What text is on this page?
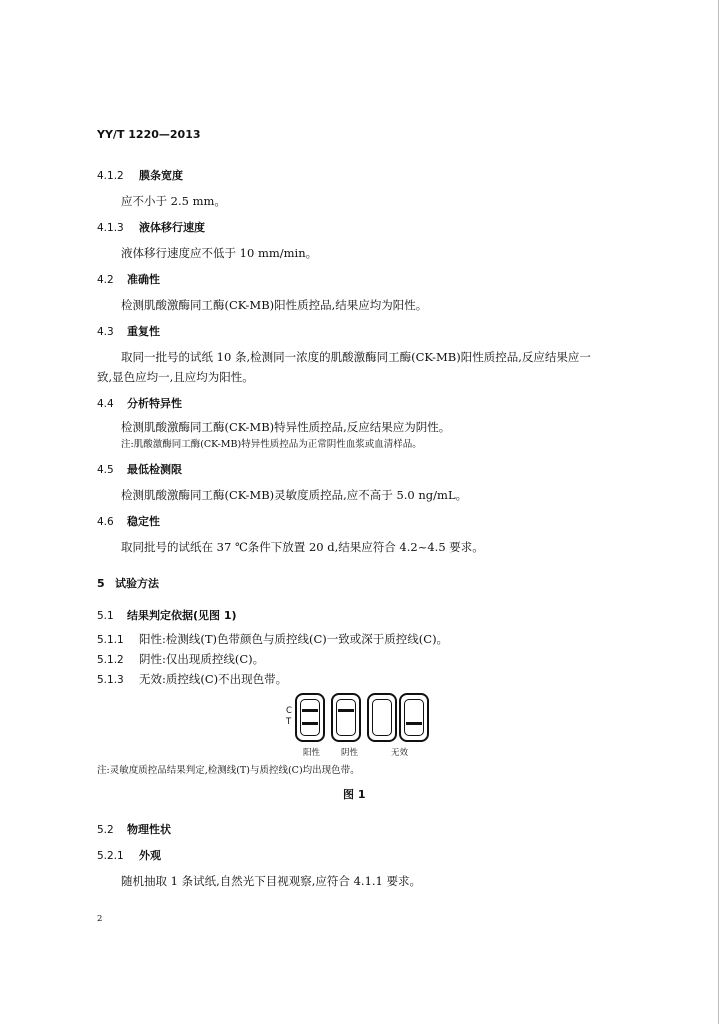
YY/T 1220—2013
4.1.2 膜条宽度
应不小于 2.5 mm。
4.1.3 液体移行速度
液体移行速度应不低于 10 mm/min。
4.2 准确性
检测肌酸激酶同工酶(CK-MB)阳性质控品,结果应均为阳性。
4.3 重复性
取同一批号的试纸 10 条,检测同一浓度的肌酸激酶同工酶(CK-MB)阳性质控品,反应结果应一
致,显色应均一,且应均为阳性。
4.4 分析特异性
检测肌酸激酶同工酶(CK-MB)特异性质控品,反应结果应为阴性。
注:肌酸激酶同工酶(CK-MB)特异性质控品为正常阴性血浆或血清样品。
4.5 最低检测限
检测肌酸激酶同工酶(CK-MB)灵敏度质控品,应不高于 5.0 ng/mL。
4.6 稳定性
取同批号的试纸在 37 ℃条件下放置 20 d,结果应符合 4.2~4.5 要求。
5 试验方法
5.1 结果判定依据(见图 1)
5.1.1 阳性:检测线(T)色带颜色与质控线(C)一致或深于质控线(C)。
5.1.2 阴性:仅出现质控线(C)。
5.1.3 无效:质控线(C)不出现色带。
C
T
阳性 阴性	无效
注:灵敏度质控品结果判定,检测线(T)与质控线(C)均出现色带。
图 1
5.2 物理性状
5.2.1 外观
随机抽取 1 条试纸,自然光下目视观察,应符合 4.1.1 要求。
2
